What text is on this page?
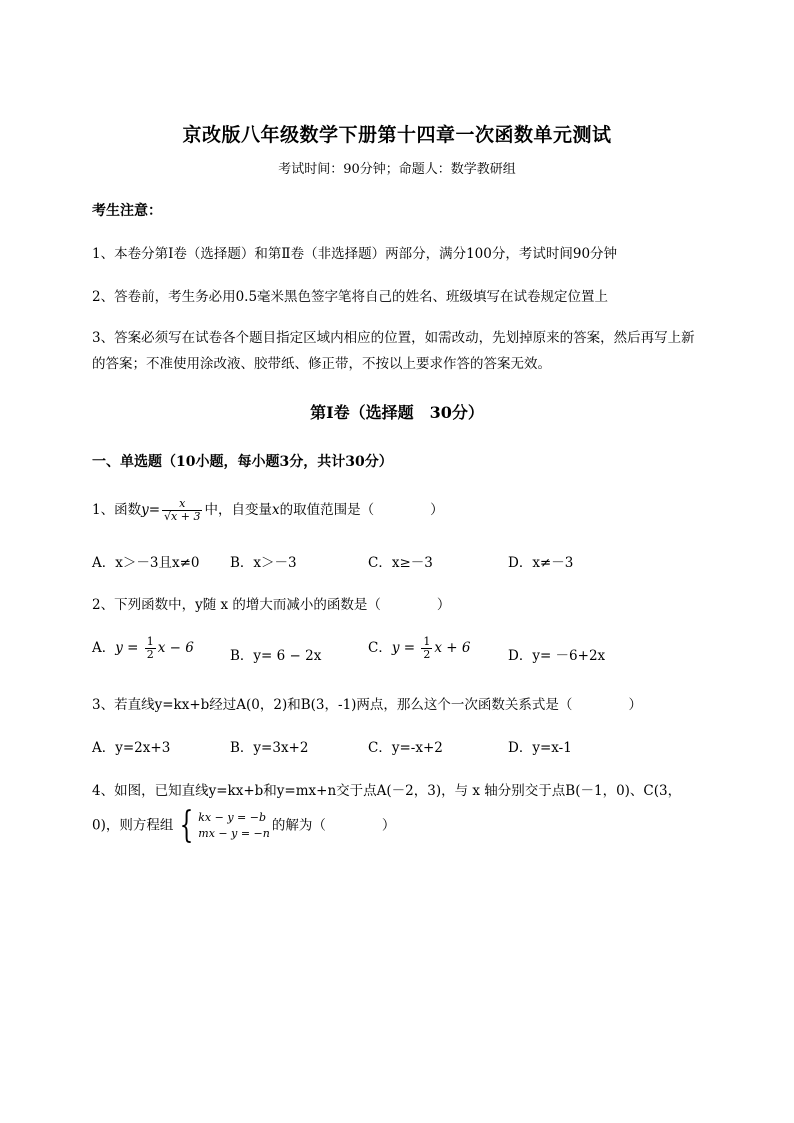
京改版八年级数学下册第十四章一次函数单元测试
考试时间：90分钟；命题人：数学教研组
考生注意：
1、本卷分第I卷（选择题）和第Ⅱ卷（非选择题）两部分，满分100分，考试时间90分钟
2、答卷前，考生务必用0.5毫米黑色签字笔将自己的姓名、班级填写在试卷规定位置上
3、答案必须写在试卷各个题目指定区域内相应的位置，如需改动，先划掉原来的答案，然后再写上新
的答案；不准使用涂改液、胶带纸、修正带，不按以上要求作答的答案无效。
第I卷（选择题　30分）
一、单选题（10小题，每小题3分，共计30分）
1、函数$y= \frac{x}{√x + 3}$ 中，自变量x的取值范围是（	）
A．x＞－3且x≠0 B．x＞－3	C．x≥－3	D．x≠－3
2、下列函数中，y随 x 的增大而减小的函数是（	）
A．$y = \frac{1}{2}$ x − 6	B．y= 6 − 2x	C．$y = \frac{1}{2}$ x + 6	D．y= －6+2x
3、若直线y=kx+b经过A(0，2)和B(3，-1)两点，那么这个一次函数关系式是（	）
A．y=2x+3	B．y=3x+2	C．y=-x+2	D．y=x-1
4、如图，已知直线y=kx+b和y=mx+n交于点A(－2，3)，与 x 轴分别交于点B(－1，0)、C(3，
0)，则方程组 { kx − y = −b
mx − y = −n 的解为（	）
